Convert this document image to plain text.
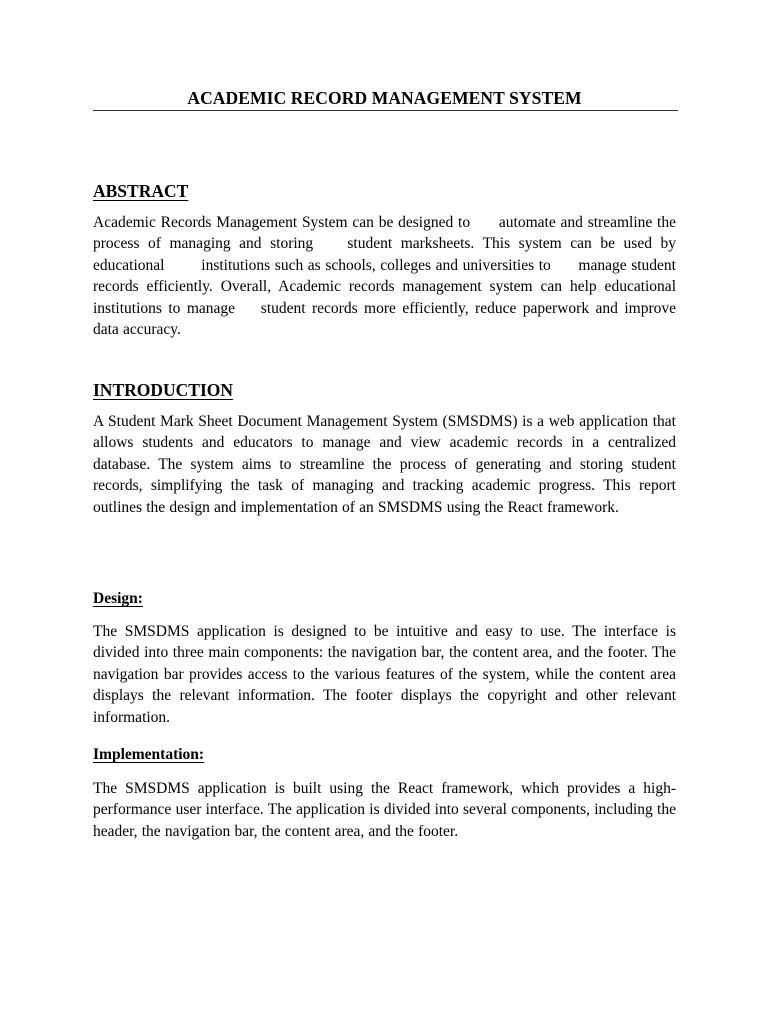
ACADEMIC RECORD MANAGEMENT SYSTEM
ABSTRACT
Academic Records Management System can be designed to      automate and streamline the process of managing and storing    student marksheets. This system can be used by educational        institutions such as schools, colleges and universities to      manage student records efficiently. Overall, Academic records management system can help educational institutions to manage    student records more efficiently, reduce paperwork and improve      data accuracy.
INTRODUCTION
A Student Mark Sheet Document Management System (SMSDMS) is a web application that allows students and educators to manage and view academic records in a centralized database. The system aims to streamline the process of generating and storing student records, simplifying the task of managing and tracking academic progress. This report outlines the design and implementation of an SMSDMS using the React framework.
Design:
The SMSDMS application is designed to be intuitive and easy to use. The interface is divided into three main components: the navigation bar, the content area, and the footer. The navigation bar provides access to the various features of the system, while the content area displays the relevant information. The footer displays the copyright and other relevant information.
Implementation:
The SMSDMS application is built using the React framework, which provides a high-performance user interface. The application is divided into several components, including the header, the navigation bar, the content area, and the footer.
